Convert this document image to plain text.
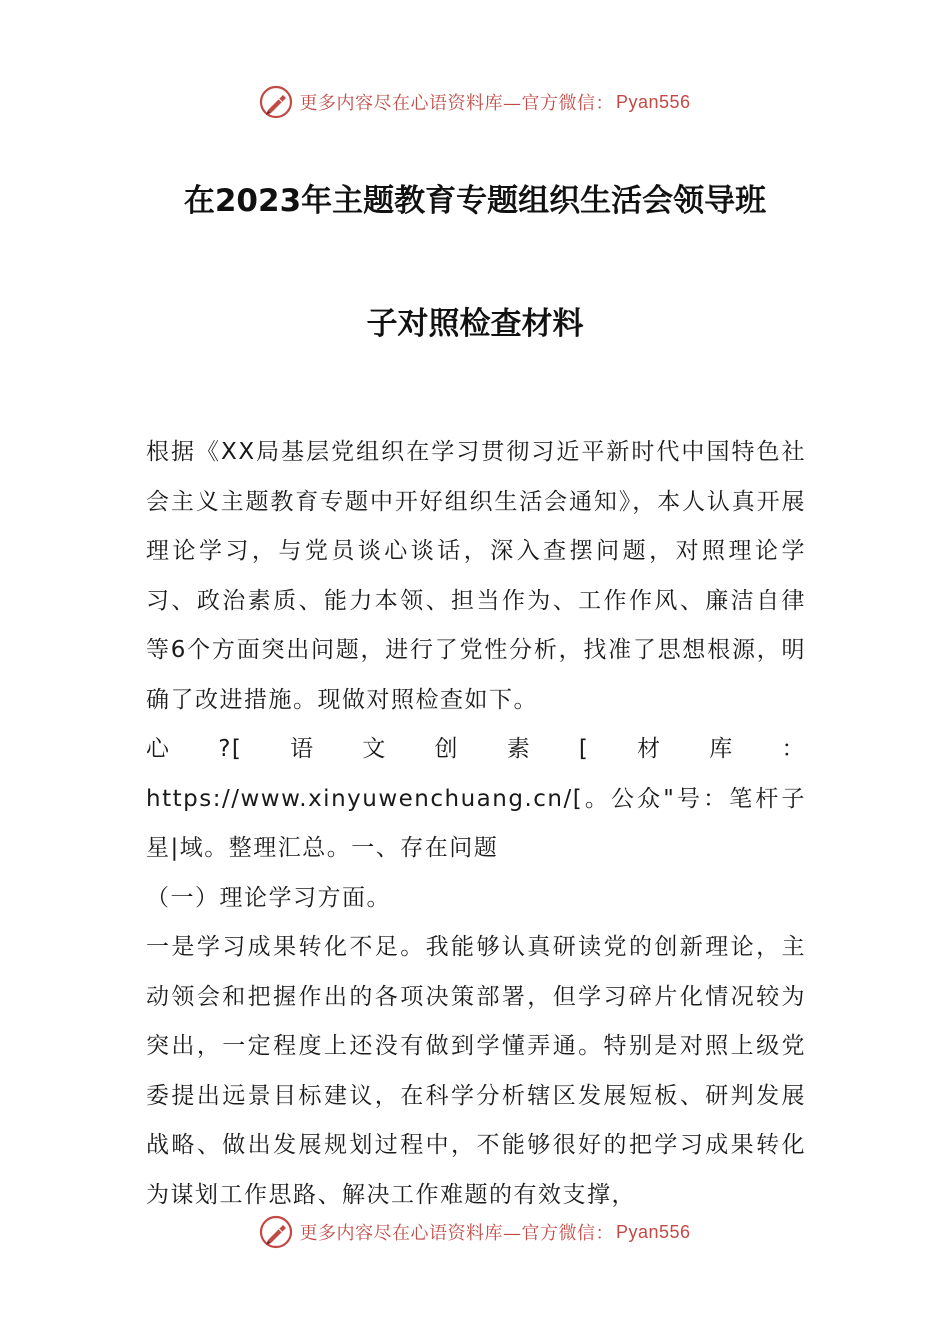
更多内容尽在心语资料库—官方微信： Pyan556
在2023年主题教育专题组织生活会领导班
子对照检查材料

根据《XX局基层党组织在学习贯彻习近平新时代中国特色社会主义主题教育专题中开好组织生活会通知》，本人认真开展理论学习，与党员谈心谈话，深入查摆问题，对照理论学习、政治素质、能力本领、担当作为、工作作风、廉洁自律等6个方面突出问题，进行了党性分析，找准了思想根源，明确了改进措施。现做对照检查如下。

心?[语文创素[材库：https://www.xinyuwenchuang.cn/[。公众"号：笔杆子星|域。整理汇总。一、存在问题

（一）理论学习方面。

一是学习成果转化不足。我能够认真研读党的创新理论，主动领会和把握作出的各项决策部署，但学习碎片化情况较为突出，一定程度上还没有做到学懂弄通。特别是对照上级党委提出远景目标建议，在科学分析辖区发展短板、研判发展战略、做出发展规划过程中，不能够很好的把学习成果转化为谋划工作思路、解决工作难题的有效支撑，

更多内容尽在心语资料库—官方微信： Pyan556
